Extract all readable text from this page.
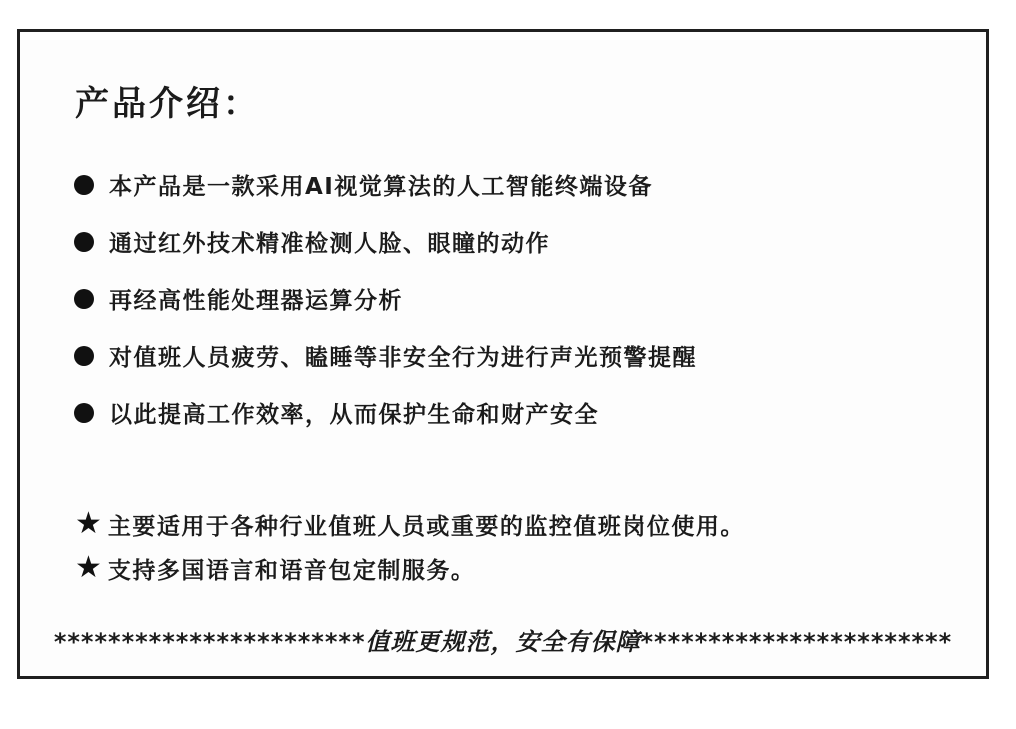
产品介绍：
本产品是一款采用AI视觉算法的人工智能终端设备
通过红外技术精准检测人脸、眼瞳的动作
再经高性能处理器运算分析
对值班人员疲劳、瞌睡等非安全行为进行声光预警提醒
以此提高工作效率，从而保护生命和财产安全
★ 主要适用于各种行业值班人员或重要的监控值班岗位使用。
★ 支持多国语言和语音包定制服务。
***********************值班更规范，安全有保障***********************
